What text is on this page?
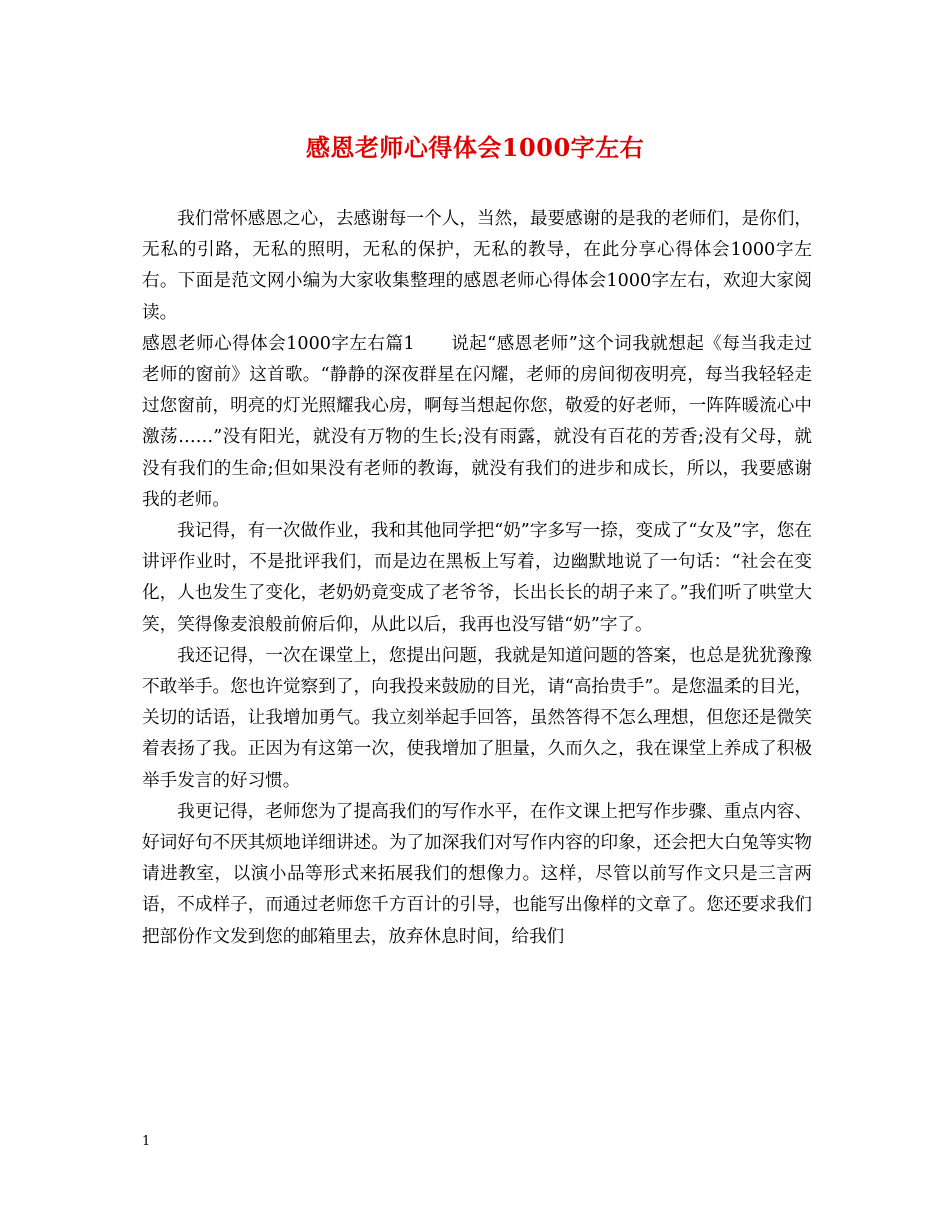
感恩老师心得体会1000字左右

我们常怀感恩之心，去感谢每一个人，当然，最要感谢的是我的老师们，是你们，无私的引路，无私的照明，无私的保护，无私的教导，在此分享心得体会1000字左右。下面是范文网小编为大家收集整理的感恩老师心得体会1000字左右，欢迎大家阅读。

感恩老师心得体会1000字左右篇1　　说起“感恩老师”这个词我就想起《每当我走过老师的窗前》这首歌。“静静的深夜群星在闪耀，老师的房间彻夜明亮，每当我轻轻走过您窗前，明亮的灯光照耀我心房，啊每当想起你您，敬爱的好老师，一阵阵暖流心中激荡……”没有阳光，就没有万物的生长;没有雨露，就没有百花的芳香;没有父母，就没有我们的生命;但如果没有老师的教诲，就没有我们的进步和成长，所以，我要感谢我的老师。

我记得，有一次做作业，我和其他同学把“奶”字多写一捺，变成了“女及”字，您在讲评作业时，不是批评我们，而是边在黑板上写着，边幽默地说了一句话：“社会在变化，人也发生了变化，老奶奶竟变成了老爷爷，长出长长的胡子来了。”我们听了哄堂大笑，笑得像麦浪般前俯后仰，从此以后，我再也没写错“奶”字了。

我还记得，一次在课堂上，您提出问题，我就是知道问题的答案，也总是犹犹豫豫不敢举手。您也许觉察到了，向我投来鼓励的目光，请“高抬贵手”。是您温柔的目光，关切的话语，让我增加勇气。我立刻举起手回答，虽然答得不怎么理想，但您还是微笑着表扬了我。正因为有这第一次，使我增加了胆量，久而久之，我在课堂上养成了积极举手发言的好习惯。

我更记得，老师您为了提高我们的写作水平，在作文课上把写作步骤、重点内容、好词好句不厌其烦地详细讲述。为了加深我们对写作内容的印象，还会把大白兔等实物请进教室，以演小品等形式来拓展我们的想像力。这样，尽管以前写作文只是三言两语，不成样子，而通过老师您千方百计的引导，也能写出像样的文章了。您还要求我们把部份作文发到您的邮箱里去，放弃休息时间，给我们

1
